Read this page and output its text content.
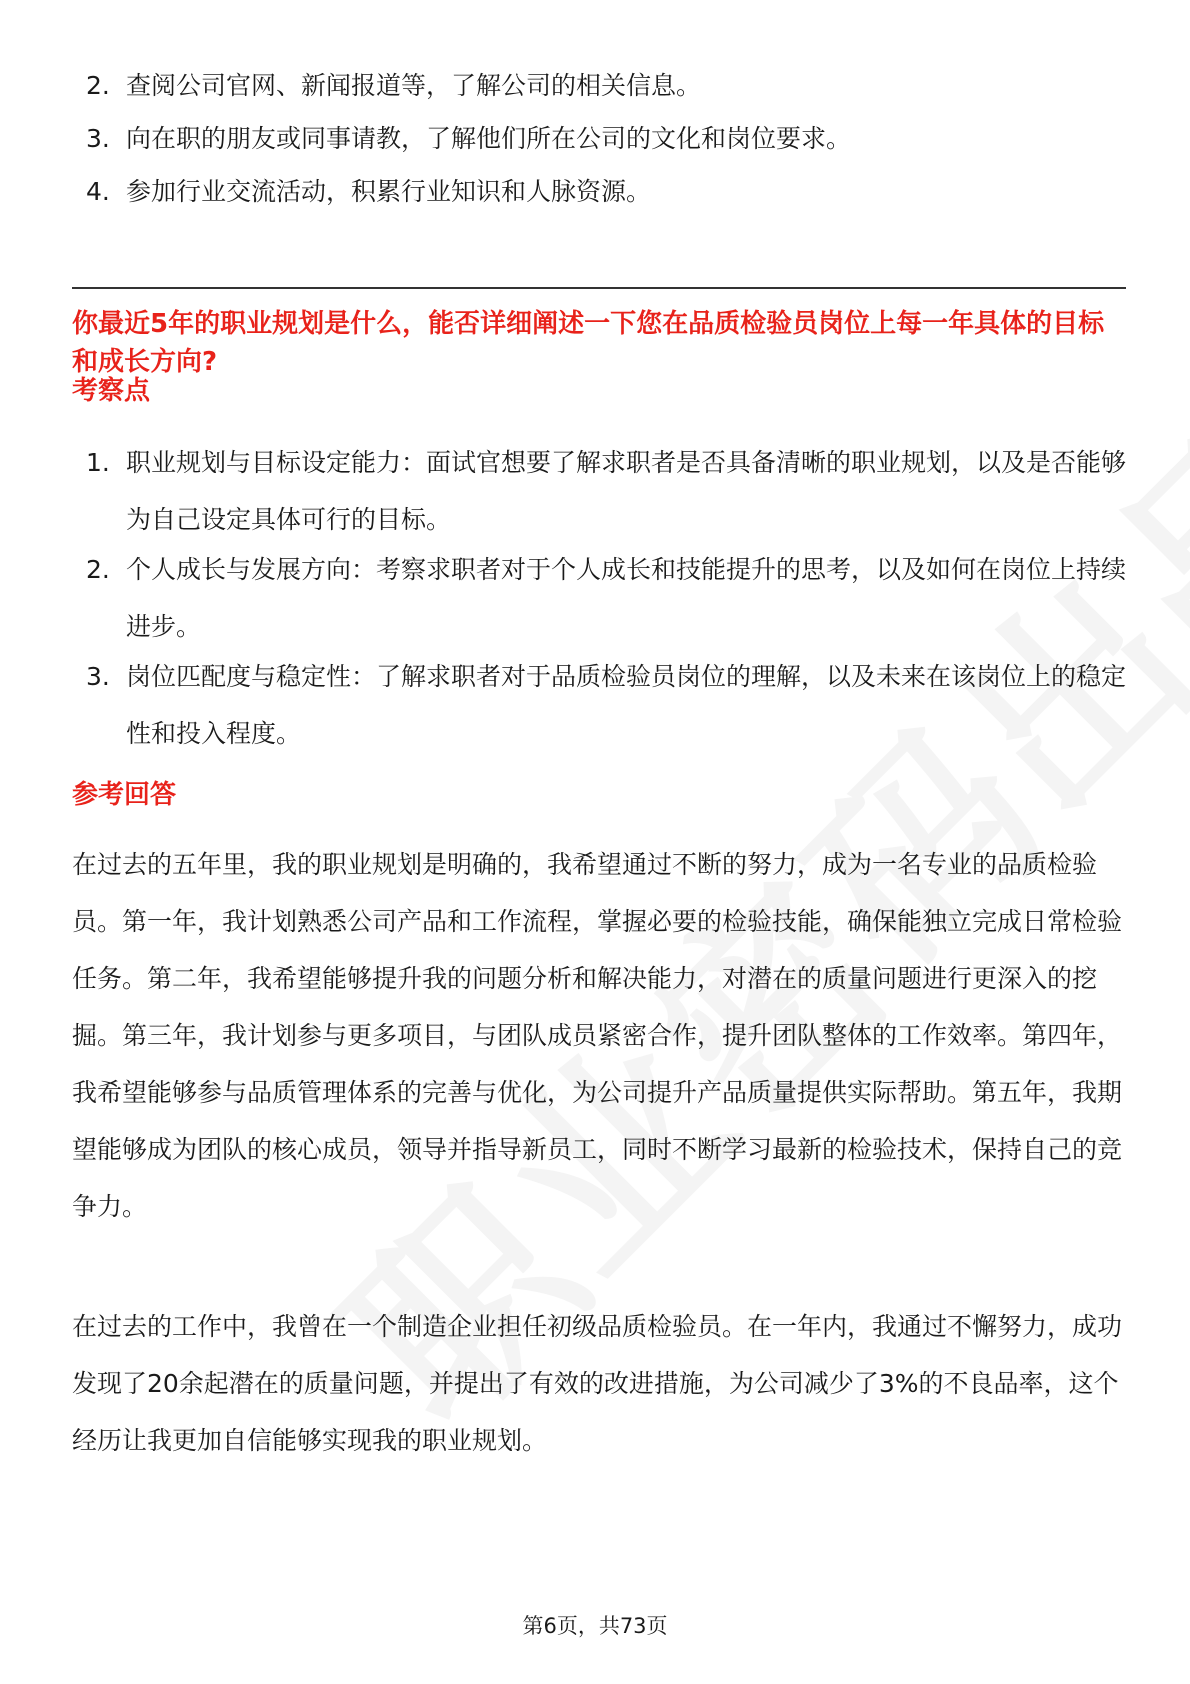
2. 查阅公司官网、新闻报道等，了解公司的相关信息。
3. 向在职的朋友或同事请教，了解他们所在公司的文化和岗位要求。
4. 参加行业交流活动，积累行业知识和人脉资源。
你最近5年的职业规划是什么，能否详细阐述一下您在品质检验员岗位上每一年具体的目标和成长方向?
考察点
1. 职业规划与目标设定能力：面试官想要了解求职者是否具备清晰的职业规划，以及是否能够为自己设定具体可行的目标。
2. 个人成长与发展方向：考察求职者对于个人成长和技能提升的思考，以及如何在岗位上持续进步。
3. 岗位匹配度与稳定性：了解求职者对于品质检验员岗位的理解，以及未来在该岗位上的稳定性和投入程度。
参考回答

在过去的五年里，我的职业规划是明确的，我希望通过不断的努力，成为一名专业的品质检验员。第一年，我计划熟悉公司产品和工作流程，掌握必要的检验技能，确保能独立完成日常检验任务。第二年，我希望能够提升我的问题分析和解决能力，对潜在的质量问题进行更深入的挖掘。第三年，我计划参与更多项目，与团队成员紧密合作，提升团队整体的工作效率。第四年，我希望能够参与品质管理体系的完善与优化，为公司提升产品质量提供实际帮助。第五年，我期望能够成为团队的核心成员，领导并指导新员工，同时不断学习最新的检验技术，保持自己的竞争力。

在过去的工作中，我曾在一个制造企业担任初级品质检验员。在一年内，我通过不懈努力，成功发现了20余起潜在的质量问题，并提出了有效的改进措施，为公司减少了3%的不良品率，这个经历让我更加自信能够实现我的职业规划。

第6页，共73页
